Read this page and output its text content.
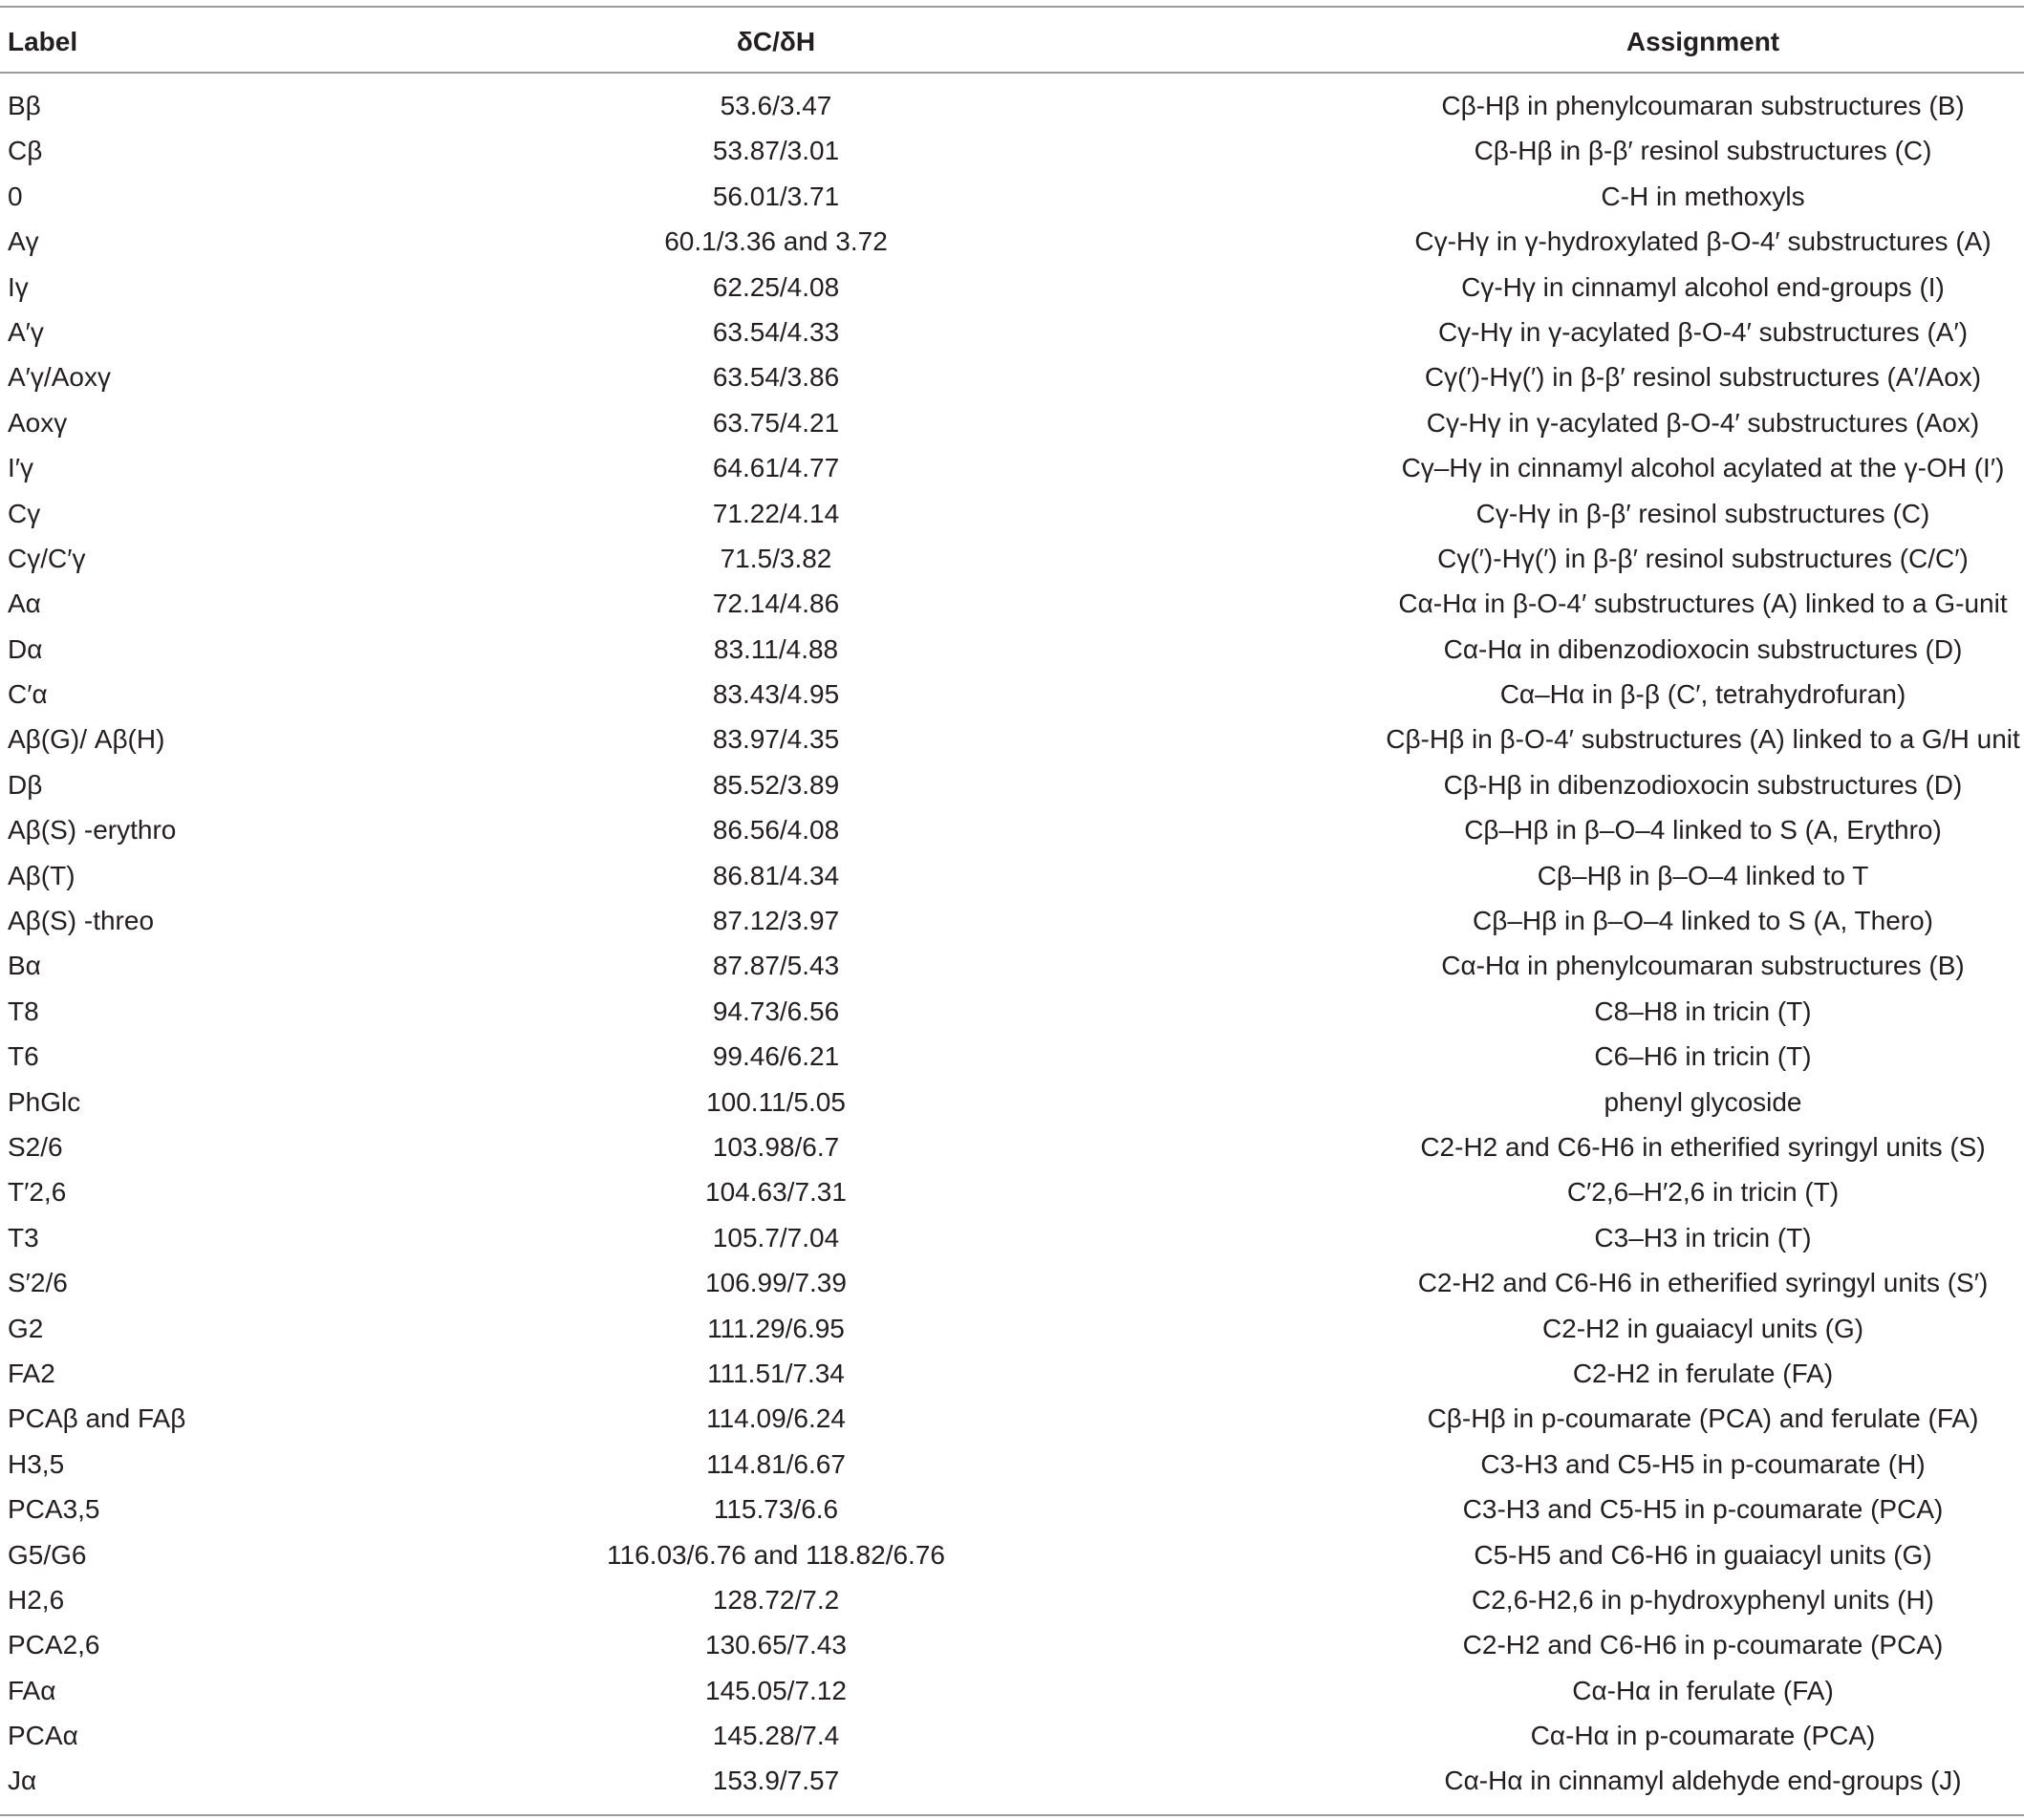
Label	δC/δH	Assignment
Bβ	53.6/3.47	Cβ-Hβ in phenylcoumaran substructures (B)
Cβ	53.87/3.01	Cβ-Hβ in β-β′ resinol substructures (C)
0	56.01/3.71	C-H in methoxyls
Aγ	60.1/3.36 and 3.72	Cγ-Hγ in γ-hydroxylated β-O-4′ substructures (A)
Iγ	62.25/4.08	Cγ-Hγ in cinnamyl alcohol end-groups (I)
A′γ	63.54/4.33	Cγ-Hγ in γ-acylated β-O-4′ substructures (A′)
A′γ/Aoxγ	63.54/3.86	Cγ(′)-Hγ(′) in β-β′ resinol substructures (A′/Aox)
Aoxγ	63.75/4.21	Cγ-Hγ in γ-acylated β-O-4′ substructures (Aox)
I′γ	64.61/4.77	Cγ–Hγ in cinnamyl alcohol acylated at the γ-OH (I′)
Cγ	71.22/4.14	Cγ-Hγ in β-β′ resinol substructures (C)
Cγ/C′γ	71.5/3.82	Cγ(′)-Hγ(′) in β-β′ resinol substructures (C/C′)
Aα	72.14/4.86	Cα-Hα in β-O-4′ substructures (A) linked to a G-unit
Dα	83.11/4.88	Cα-Hα in dibenzodioxocin substructures (D)
C′α	83.43/4.95	Cα–Hα in β-β (C′, tetrahydrofuran)
Aβ(G)/ Aβ(H)	83.97/4.35	Cβ-Hβ in β-O-4′ substructures (A) linked to a G/H unit
Dβ	85.52/3.89	Cβ-Hβ in dibenzodioxocin substructures (D)
Aβ(S) -erythro	86.56/4.08	Cβ–Hβ in β–O–4 linked to S (A, Erythro)
Aβ(T)	86.81/4.34	Cβ–Hβ in β–O–4 linked to T
Aβ(S) -threo	87.12/3.97	Cβ–Hβ in β–O–4 linked to S (A, Thero)
Bα	87.87/5.43	Cα-Hα in phenylcoumaran substructures (B)
T8	94.73/6.56	C8–H8 in tricin (T)
T6	99.46/6.21	C6–H6 in tricin (T)
PhGlc	100.11/5.05	phenyl glycoside
S2/6	103.98/6.7	C2-H2 and C6-H6 in etherified syringyl units (S)
T′2,6	104.63/7.31	C′2,6–H′2,6 in tricin (T)
T3	105.7/7.04	C3–H3 in tricin (T)
S′2/6	106.99/7.39	C2-H2 and C6-H6 in etherified syringyl units (S′)
G2	111.29/6.95	C2-H2 in guaiacyl units (G)
FA2	111.51/7.34	C2-H2 in ferulate (FA)
PCAβ and FAβ	114.09/6.24	Cβ-Hβ in p-coumarate (PCA) and ferulate (FA)
H3,5	114.81/6.67	C3-H3 and C5-H5 in p-coumarate (H)
PCA3,5	115.73/6.6	C3-H3 and C5-H5 in p-coumarate (PCA)
G5/G6	116.03/6.76 and 118.82/6.76	C5-H5 and C6-H6 in guaiacyl units (G)
H2,6	128.72/7.2	C2,6-H2,6 in p-hydroxyphenyl units (H)
PCA2,6	130.65/7.43	C2-H2 and C6-H6 in p-coumarate (PCA)
FAα	145.05/7.12	Cα-Hα in ferulate (FA)
PCAα	145.28/7.4	Cα-Hα in p-coumarate (PCA)
Jα	153.9/7.57	Cα-Hα in cinnamyl aldehyde end-groups (J)
